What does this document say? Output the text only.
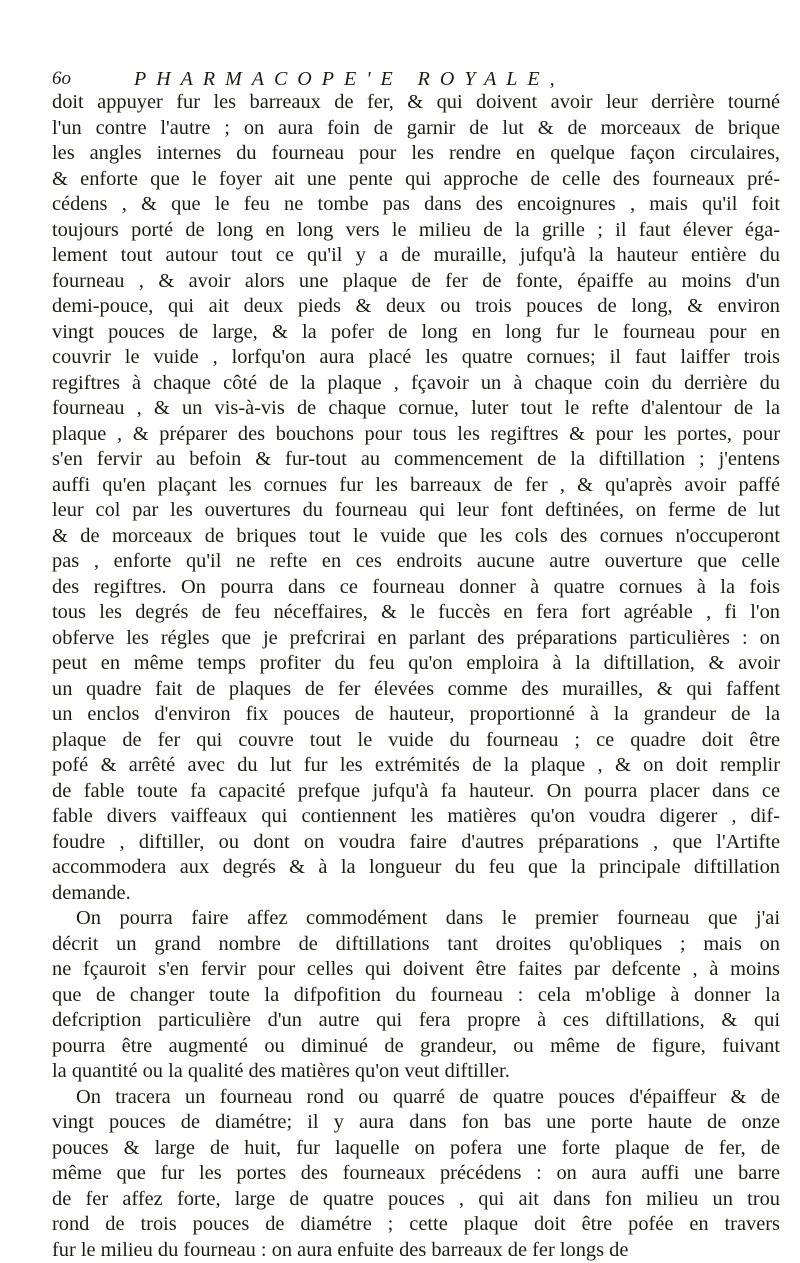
6o	PHARMACOPE'E ROYALE,
doit appuyer fur les barreaux de fer, & qui doivent avoir leur derrière tourné
l'un contre l'autre ; on aura foin de garnir de lut & de morceaux de brique
les angles internes du fourneau pour les rendre en quelque façon circulaires,
& enforte que le foyer ait une pente qui approche de celle des fourneaux pré-
cédens , & que le feu ne tombe pas dans des encoignures , mais qu'il foit
toujours porté de long en long vers le milieu de la grille ; il faut élever éga-
lement tout autour tout ce qu'il y a de muraille, jufqu'à la hauteur entière du
fourneau , & avoir alors une plaque de fer de fonte, épaiffe au moins d'un
demi-pouce, qui ait deux pieds & deux ou trois pouces de long, & environ
vingt pouces de large, & la pofer de long en long fur le fourneau pour en
couvrir le vuide , lorfqu'on aura placé les quatre cornues; il faut laiffer trois
regiftres à chaque côté de la plaque , fçavoir un à chaque coin du derrière du
fourneau , & un vis-à-vis de chaque cornue, luter tout le refte d'alentour de la
plaque , & préparer des bouchons pour tous les regiftres & pour les portes, pour
s'en fervir au befoin & fur-tout au commencement de la diftillation ; j'entens
auffi qu'en plaçant les cornues fur les barreaux de fer , & qu'après avoir paffé
leur col par les ouvertures du fourneau qui leur font deftinées, on ferme de lut
& de morceaux de briques tout le vuide que les cols des cornues n'occuperont
pas , enforte qu'il ne refte en ces endroits aucune autre ouverture que celle
des regiftres. On pourra dans ce fourneau donner à quatre cornues à la fois
tous les degrés de feu néceffaires, & le fuccès en fera fort agréable , fi l'on
obferve les régles que je prefcrirai en parlant des préparations particulières : on
peut en même temps profiter du feu qu'on emploira à la diftillation, & avoir
un quadre fait de plaques de fer élevées comme des murailles, & qui faffent
un enclos d'environ fix pouces de hauteur, proportionné à la grandeur de la
plaque de fer qui couvre tout le vuide du fourneau ; ce quadre doit être
pofé & arrêté avec du lut fur les extrémités de la plaque , & on doit remplir
de fable toute fa capacité prefque jufqu'à fa hauteur. On pourra placer dans ce
fable divers vaiffeaux qui contiennent les matières qu'on voudra digerer , dif-
foudre , diftiller, ou dont on voudra faire d'autres préparations , que l'Artifte
accommodera aux degrés & à la longueur du feu que la principale diftillation
demande.
On pourra faire affez commodément dans le premier fourneau que j'ai
décrit un grand nombre de diftillations tant droites qu'obliques ; mais on
ne fçauroit s'en fervir pour celles qui doivent être faites par defcente , à moins
que de changer toute la difpofition du fourneau : cela m'oblige à donner la
defcription particulière d'un autre qui fera propre à ces diftillations, & qui
pourra être augmenté ou diminué de grandeur, ou même de figure, fuivant
la quantité ou la qualité des matières qu'on veut diftiller.
On tracera un fourneau rond ou quarré de quatre pouces d'épaiffeur & de
vingt pouces de diamétre; il y aura dans fon bas une porte haute de onze
pouces & large de huit, fur laquelle on pofera une forte plaque de fer, de
même que fur les portes des fourneaux précédens : on aura auffi une barre
de fer affez forte, large de quatre pouces , qui ait dans fon milieu un trou
rond de trois pouces de diamétre ; cette plaque doit être pofée en travers
fur le milieu du fourneau : on aura enfuite des barreaux de fer longs de
